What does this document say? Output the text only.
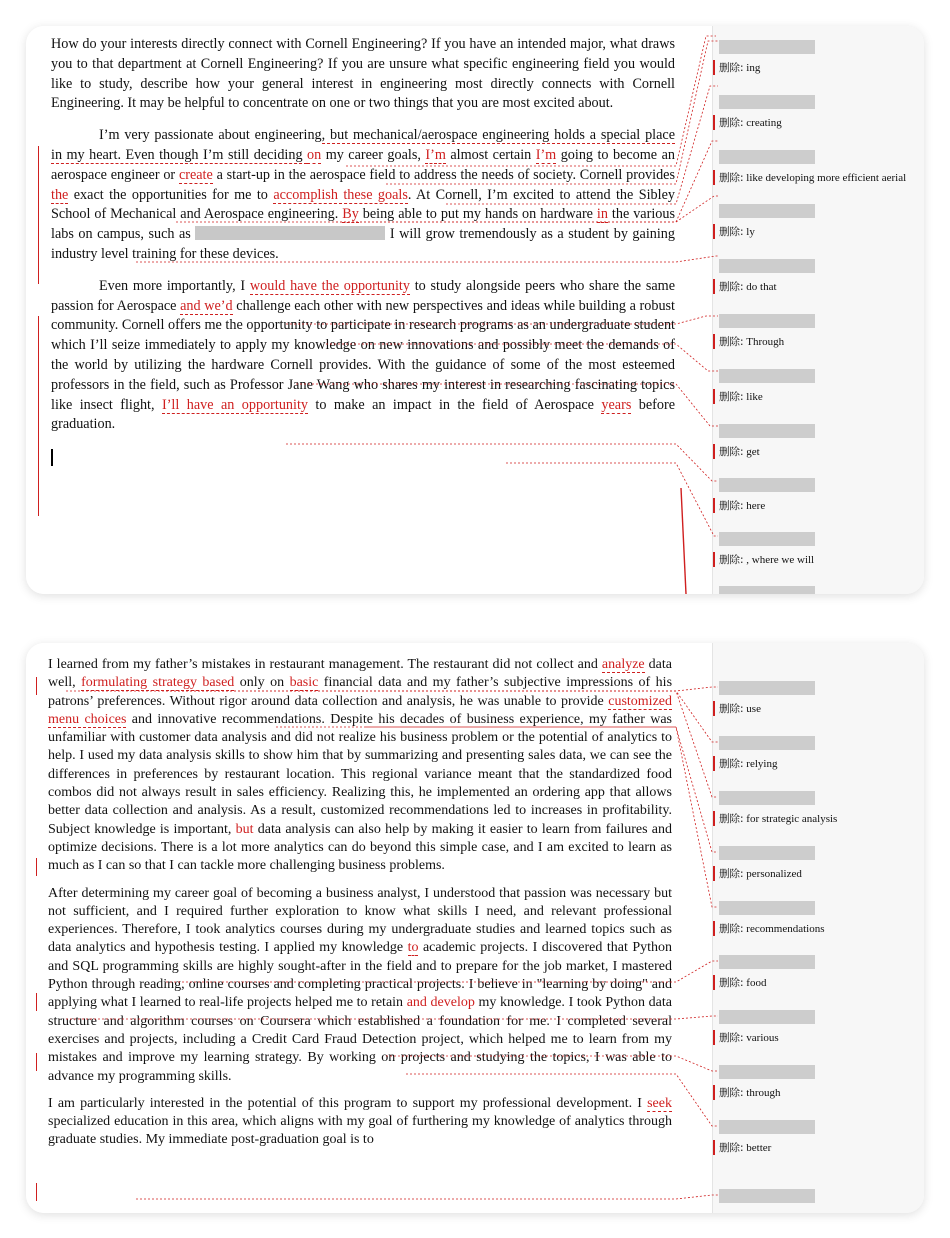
How do your interests directly connect with Cornell Engineering? If you have an intended major, what draws you to that department at Cornell Engineering? If you are unsure what specific engineering field you would like to study, describe how your general interest in engineering most directly connects with Cornell Engineering. It may be helpful to concentrate on one or two things that you are most excited about.

I’m very passionate about engineering, but mechanical/aerospace engineering holds a special place in my heart. Even though I’m still deciding on my career goals, I’m almost certain I’m going to become an aerospace engineer or create a start-up in the aerospace field to address the needs of society. Cornell provides the exact the opportunities for me to accomplish these goals. At Cornell, I’m excited to attend the Sibley School of Mechanical and Aerospace engineering. By being able to put my hands on hardware in the various labs on campus, such as	I will grow tremendously as a student by gaining industry level training for these devices.

Even more importantly, I would have the opportunity to study alongside peers who share the same passion for Aerospace and we’d challenge each other with new perspectives and ideas while building a robust community. Cornell offers me the opportunity to participate in research programs as an undergraduate student which I’ll seize immediately to apply my knowledge on new innovations and possibly meet the demands of the world by utilizing the hardware Cornell provides. With the guidance of some of the most esteemed professors in the field, such as Professor Jane Wang who shares my interest in researching fascinating topics like insect flight, I’ll have an opportunity to make an impact in the field of Aerospace years before graduation.

删除: ing
删除: creating
删除: like developing more efficient aerial
删除: ly
删除: do that
删除: Through
删除: like
删除: get
删除: here
删除: , where we will

I learned from my father’s mistakes in restaurant management. The restaurant did not collect and analyze data well, formulating strategy based only on basic financial data and my father’s subjective impressions of his patrons’ preferences. Without rigor around data collection and analysis, he was unable to provide customized menu choices and innovative recommendations. Despite his decades of business experience, my father was unfamiliar with customer data analysis and did not realize his business problem or the potential of analytics to help. I used my data analysis skills to show him that by summarizing and presenting sales data, we can see the differences in preferences by restaurant location. This regional variance meant that the standardized food combos did not always result in sales efficiency. Realizing this, he implemented an ordering app that allows better data collection and analysis. As a result, customized recommendations led to increases in profitability. Subject knowledge is important, but data analysis can also help by making it easier to learn from failures and optimize decisions. There is a lot more analytics can do beyond this simple case, and I am excited to learn as much as I can so that I can tackle more challenging business problems.

After determining my career goal of becoming a business analyst, I understood that passion was necessary but not sufficient, and I required further exploration to know what skills I need, and relevant professional experiences. Therefore, I took analytics courses during my undergraduate studies and learned topics such as data analytics and hypothesis testing. I applied my knowledge to academic projects. I discovered that Python and SQL programming skills are highly sought-after in the field and to prepare for the job market, I mastered Python through reading, online courses and completing practical projects. I believe in "learning by doing" and applying what I learned to real-life projects helped me to retain and develop my knowledge. I took Python data structure and algorithm courses on Coursera which established a foundation for me. I completed several exercises and projects, including a Credit Card Fraud Detection project, which helped me to learn from my mistakes and improve my learning strategy. By working on projects and studying the topics, I was able to advance my programming skills.

I am particularly interested in the potential of this program to support my professional development. I seek specialized education in this area, which aligns with my goal of furthering my knowledge of analytics through graduate studies. My immediate post-graduation goal is to

删除: use
删除: relying
删除: for strategic analysis
删除: personalized
删除: recommendations
删除: food
删除: various
删除: through
删除: better
